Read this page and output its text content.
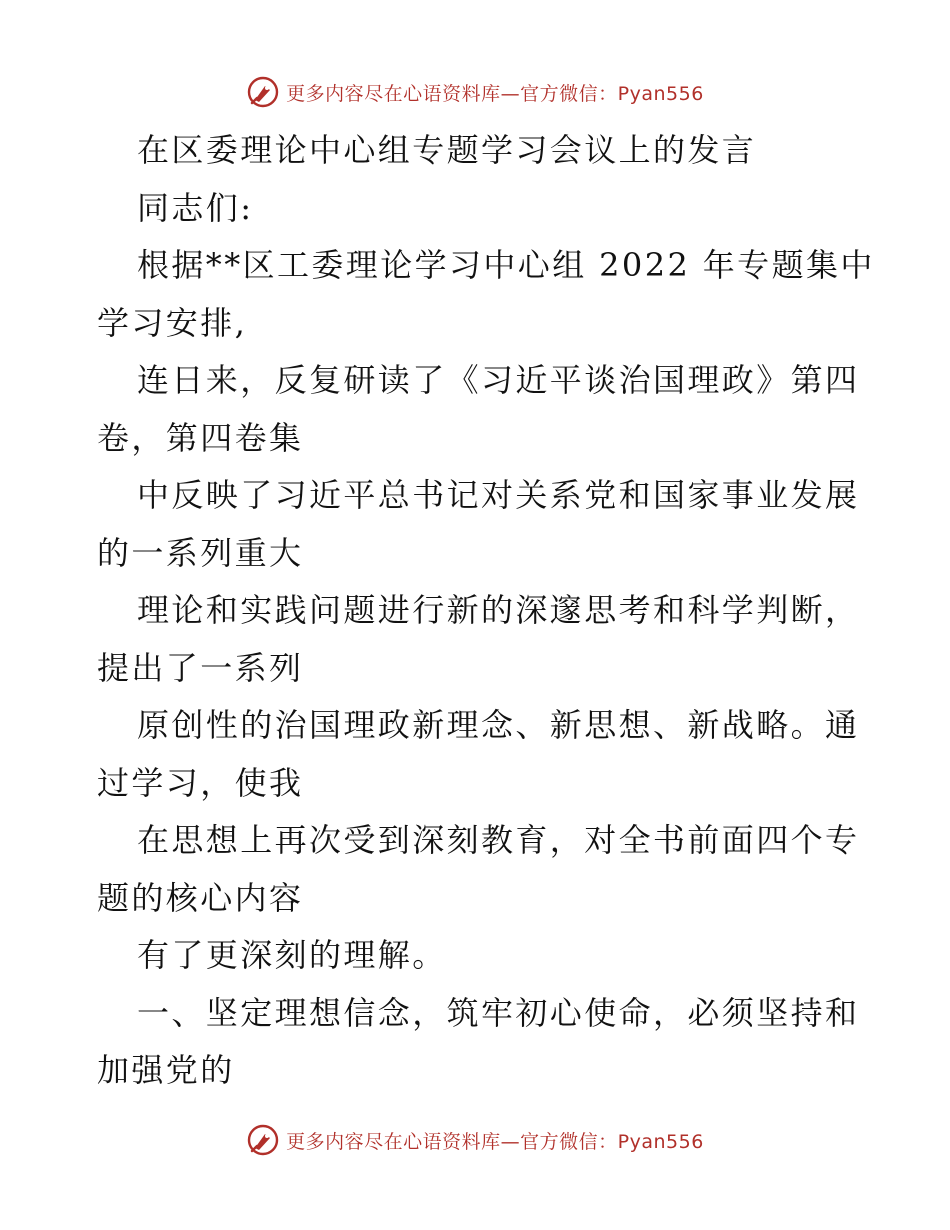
更多内容尽在心语资料库—官方微信：Pyan556
在区委理论中心组专题学习会议上的发言
同志们:
根据**区工委理论学习中心组 2022 年专题集中
学习安排,
连日来，反复研读了《习近平谈治国理政》第四
卷，第四卷集
中反映了习近平总书记对关系党和国家事业发展
的一系列重大
理论和实践问题进行新的深邃思考和科学判断，
提出了一系列
原创性的治国理政新理念、新思想、新战略。通
过学习，使我
在思想上再次受到深刻教育，对全书前面四个专
题的核心内容
有了更深刻的理解。
一、坚定理想信念，筑牢初心使命，必须坚持和
加强党的
更多内容尽在心语资料库—官方微信：Pyan556
